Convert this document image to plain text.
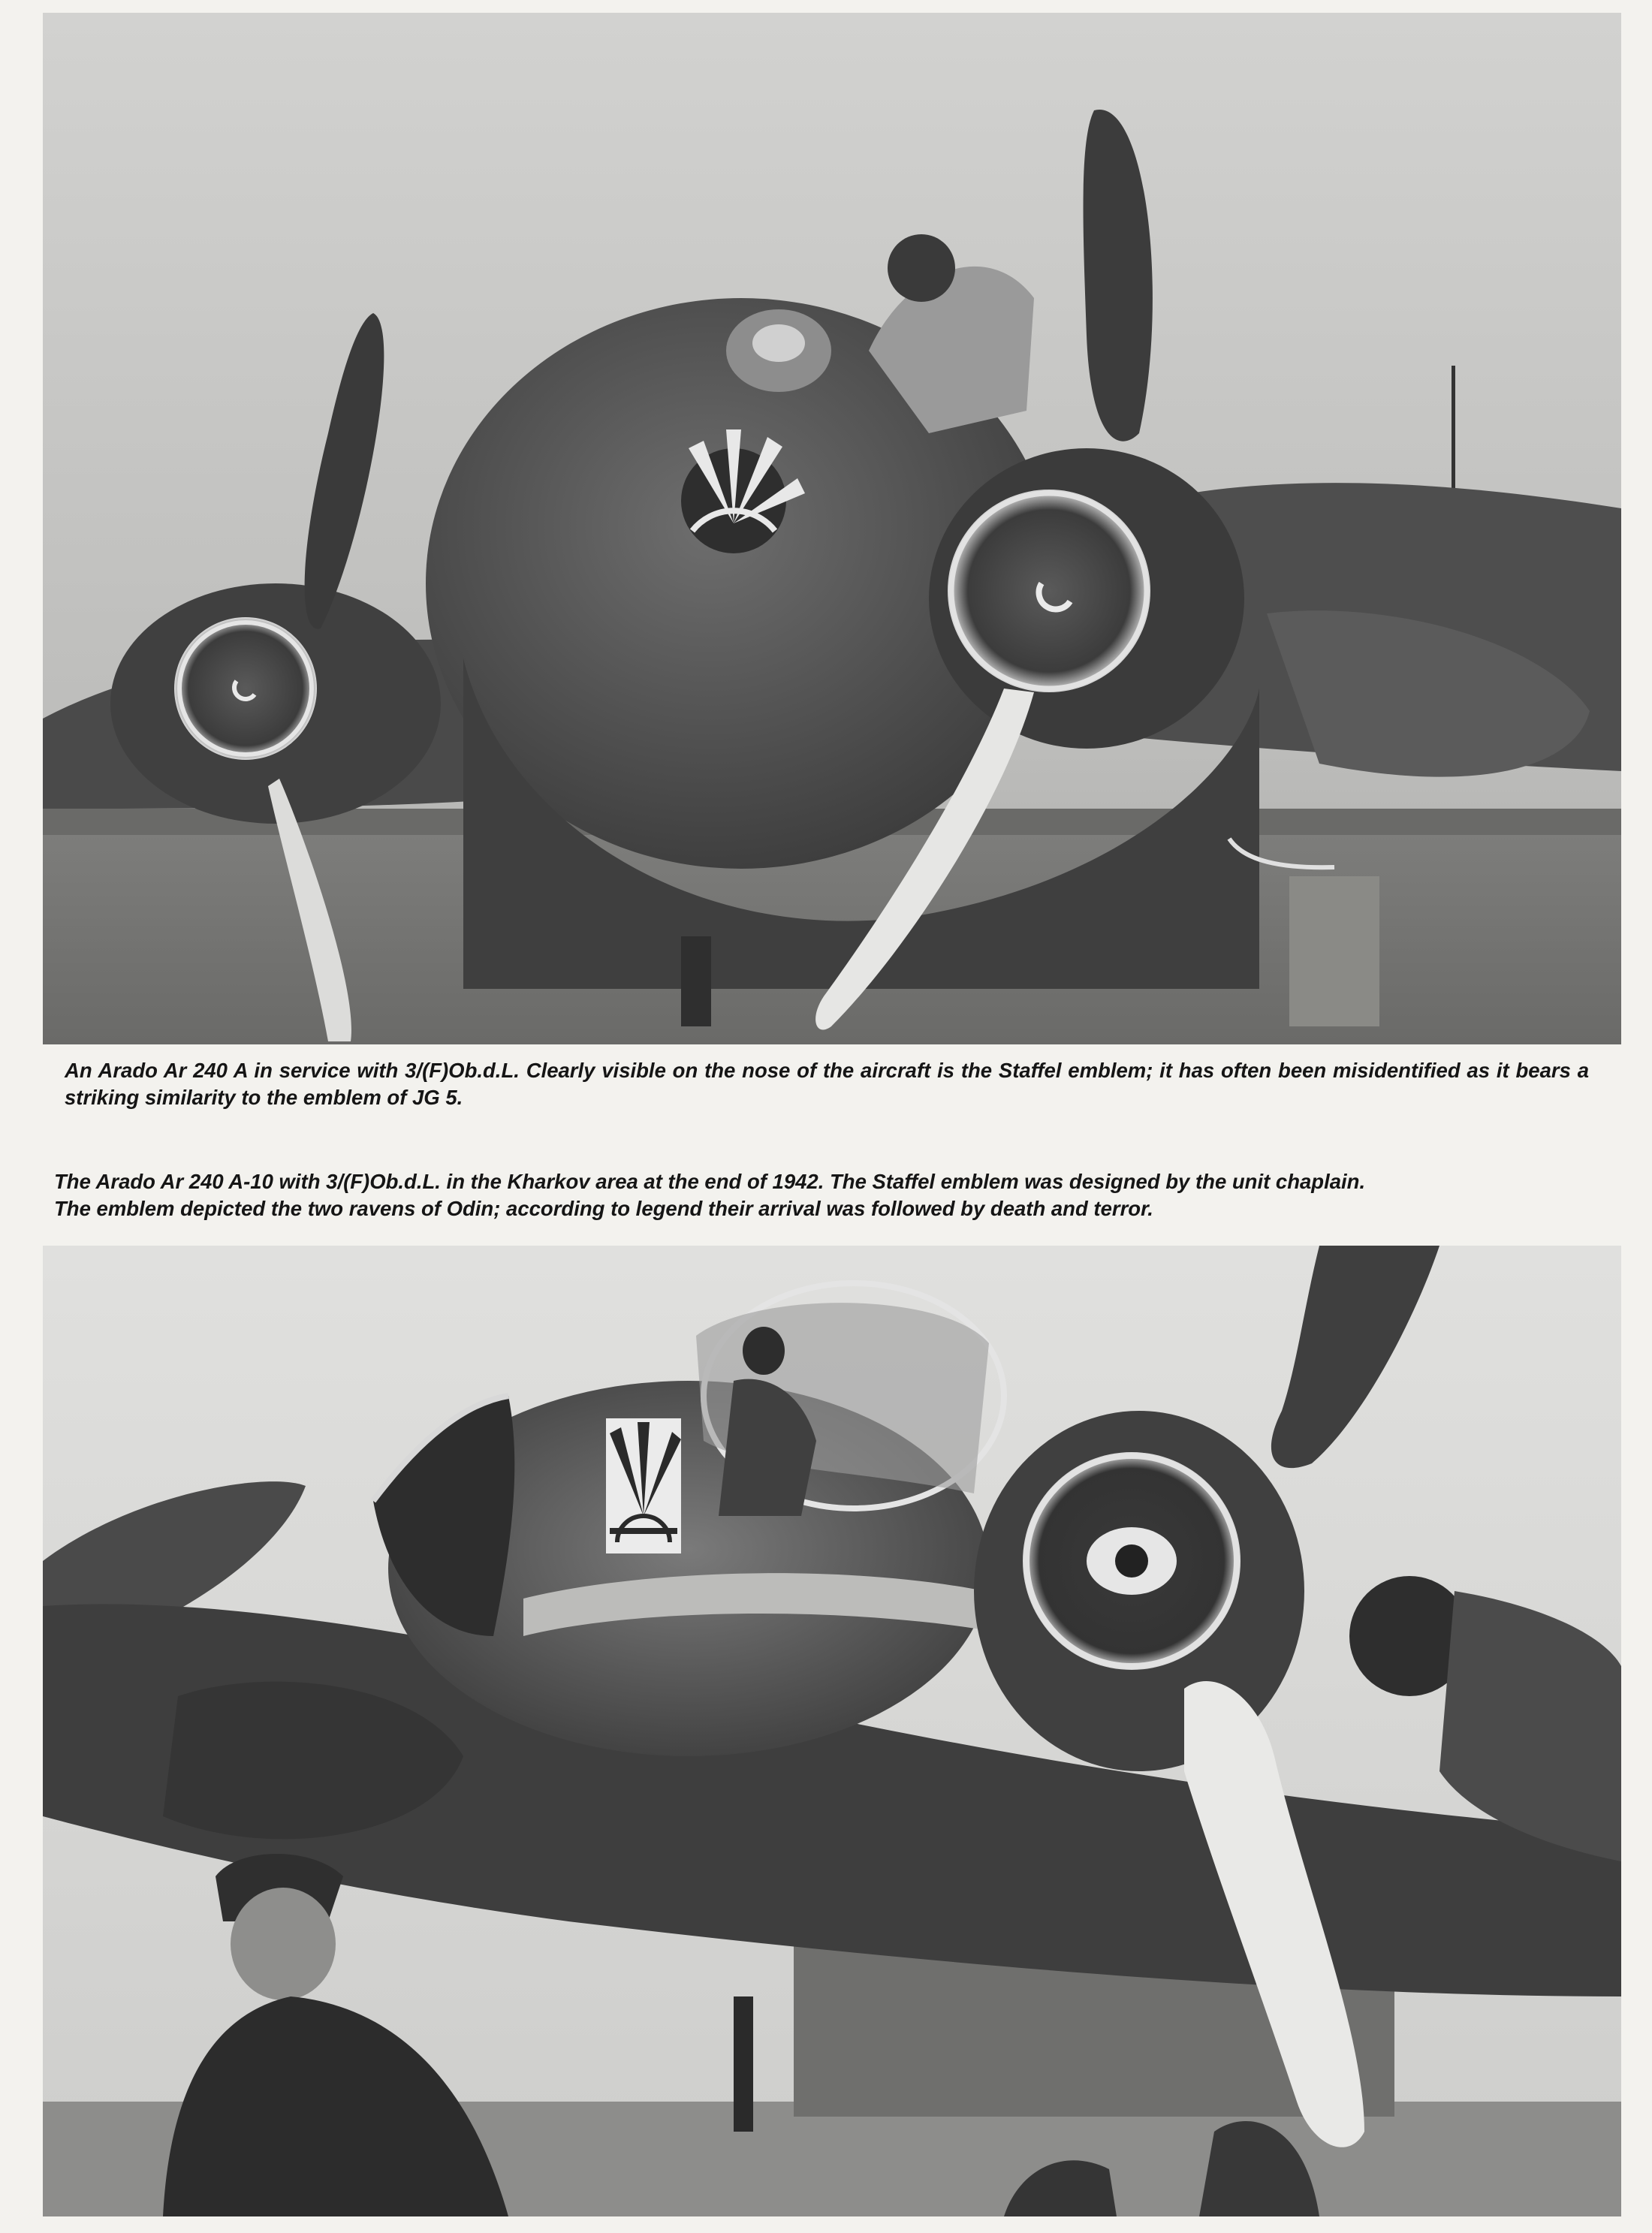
An Arado Ar 240 A in service with 3/(F)Ob.d.L. Clearly visible on the nose of the aircraft is the Staffel emblem; it has often been misidentified as it bears a striking similarity to the emblem of JG 5.

The Arado Ar 240 A-10 with 3/(F)Ob.d.L. in the Kharkov area at the end of 1942. The Staffel emblem was designed by the unit chaplain.
The emblem depicted the two ravens of Odin; according to legend their arrival was followed by death and terror.
